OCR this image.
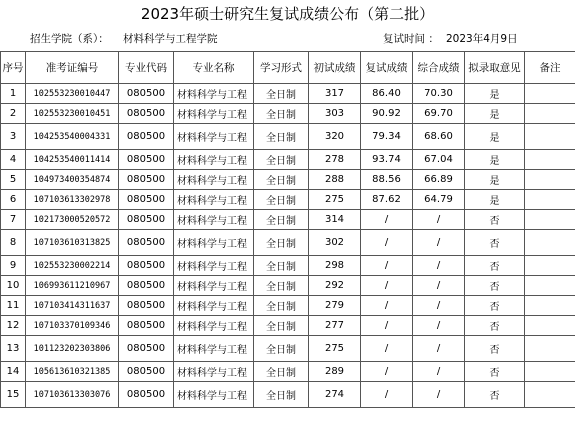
2023年硕士研究生复试成绩公布（第二批）
招生学院（系）： 材料科学与工程学院	复试时间 ： 2023年4月9日
序号	准考证编号	专业代码	专业名称	学习形式	初试成绩	复试成绩	综合成绩	拟录取意见	备注
1	102553230010447	080500	材料科学与工程	全日制	317	86.40	70.30	是	
2	102553230010451	080500	材料科学与工程	全日制	303	90.92	69.70	是	
3	104253540004331	080500	材料科学与工程	全日制	320	79.34	68.60	是	
4	104253540011414	080500	材料科学与工程	全日制	278	93.74	67.04	是	
5	104973400354874	080500	材料科学与工程	全日制	288	88.56	66.89	是	
6	107103613302978	080500	材料科学与工程	全日制	275	87.62	64.79	是	
7	102173000520572	080500	材料科学与工程	全日制	314	/	/	否	
8	107103610313825	080500	材料科学与工程	全日制	302	/	/	否	
9	102553230002214	080500	材料科学与工程	全日制	298	/	/	否	
10	106993611210967	080500	材料科学与工程	全日制	292	/	/	否	
11	107103414311637	080500	材料科学与工程	全日制	279	/	/	否	
12	107103370109346	080500	材料科学与工程	全日制	277	/	/	否	
13	101123202303806	080500	材料科学与工程	全日制	275	/	/	否	
14	105613610321385	080500	材料科学与工程	全日制	289	/	/	否	
15	107103613303076	080500	材料科学与工程	全日制	274	/	/	否	
